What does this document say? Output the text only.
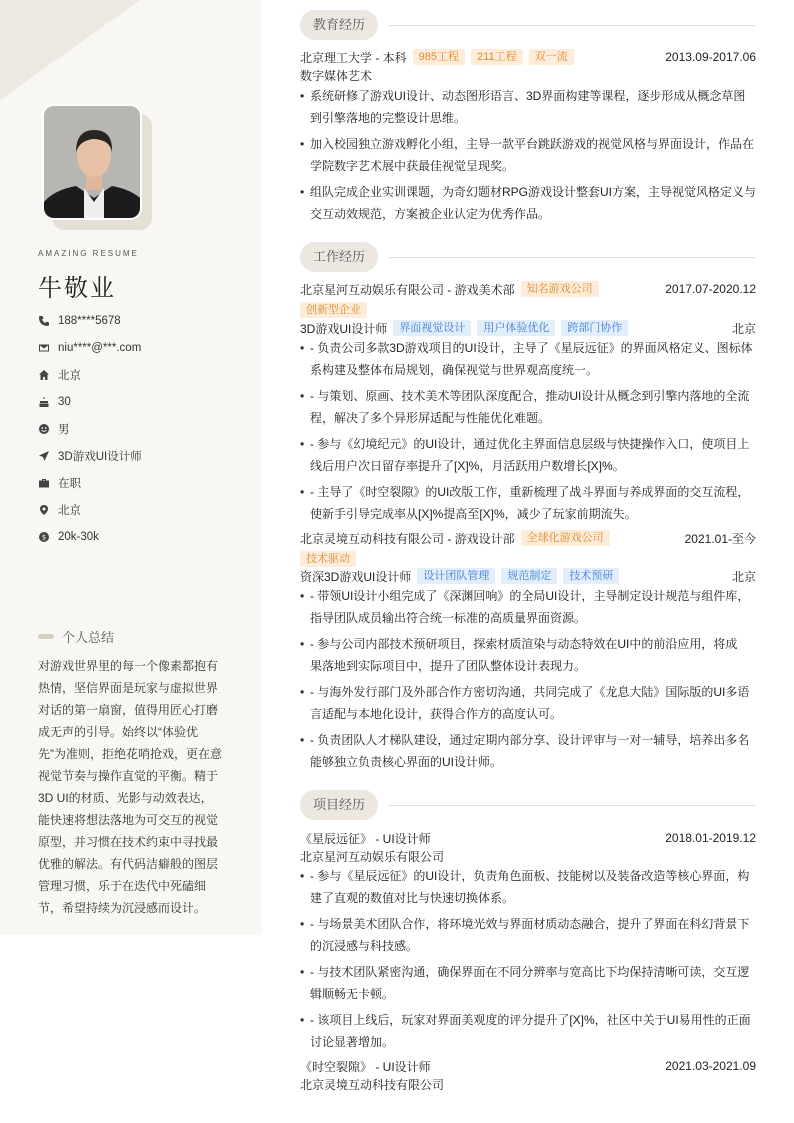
AMAZING RESUME
牛敬业
188****5678
niu****@***.com
北京
30
男
3D游戏UI设计师
在职
北京
$ 20k-30k
个人总结
对游戏世界里的每一个像素都抱有热情，坚信界面是玩家与虚拟世界对话的第一扇窗，值得用匠心打磨成无声的引导。始终以“体验优先”为准则，拒绝花哨抢戏，更在意视觉节奏与操作直觉的平衡。精于3D UI的材质、光影与动效表达，能快速将想法落地为可交互的视觉原型，并习惯在技术约束中寻找最优雅的解法。有代码洁癖般的图层管理习惯，乐于在迭代中死磕细节，希望持续为沉浸感而设计。
教育经历
北京理工大学 - 本科	985工程	211工程	双一流	2013.09-2017.06
数字媒体艺术
• 系统研修了游戏UI设计、动态图形语言、3D界面构建等课程，逐步形成从概念草图
到引擎落地的完整设计思维。
• 加入校园独立游戏孵化小组，主导一款平台跳跃游戏的视觉风格与界面设计，作品在
学院数字艺术展中获最佳视觉呈现奖。
• 组队完成企业实训课题，为奇幻题材RPG游戏设计整套UI方案，主导视觉风格定义与
交互动效规范，方案被企业认定为优秀作品。
工作经历
北京星河互动娱乐有限公司 - 游戏美术部	知名游戏公司	2017.07-2020.12
创新型企业
3D游戏UI设计师	界面视觉设计	用户体验优化	跨部门协作	北京
• - 负责公司多款3D游戏项目的UI设计，主导了《星辰远征》的界面风格定义、图标体
系构建及整体布局规划，确保视觉与世界观高度统一。
• - 与策划、原画、技术美术等团队深度配合，推动UI设计从概念到引擎内落地的全流
程，解决了多个异形屏适配与性能优化难题。
• - 参与《幻境纪元》的UI设计，通过优化主界面信息层级与快捷操作入口，使项目上
线后用户次日留存率提升了[X]%，月活跃用户数增长[X]%。
• - 主导了《时空裂隙》的UI改版工作，重新梳理了战斗界面与养成界面的交互流程，
使新手引导完成率从[X]%提高至[X]%，减少了玩家前期流失。
北京灵境互动科技有限公司 - 游戏设计部	全球化游戏公司	2021.01-至今
技术驱动
资深3D游戏UI设计师	设计团队管理	规范制定	技术预研	北京
• - 带领UI设计小组完成了《深渊回响》的全局UI设计，主导制定设计规范与组件库，
指导团队成员输出符合统一标准的高质量界面资源。
• - 参与公司内部技术预研项目，探索材质渲染与动态特效在UI中的前沿应用，将成
果落地到实际项目中，提升了团队整体设计表现力。
• - 与海外发行部门及外部合作方密切沟通，共同完成了《龙息大陆》国际版的UI多语
言适配与本地化设计，获得合作方的高度认可。
• - 负责团队人才梯队建设，通过定期内部分享、设计评审与一对一辅导，培养出多名
能够独立负责核心界面的UI设计师。
项目经历
《星辰远征》 - UI设计师	2018.01-2019.12
北京星河互动娱乐有限公司
• - 参与《星辰远征》的UI设计，负责角色面板、技能树以及装备改造等核心界面，构
建了直观的数值对比与快速切换体系。
• - 与场景美术团队合作，将环境光效与界面材质动态融合，提升了界面在科幻背景下
的沉浸感与科技感。
• - 与技术团队紧密沟通，确保界面在不同分辨率与宽高比下均保持清晰可读，交互逻
辑顺畅无卡顿。
• - 该项目上线后，玩家对界面美观度的评分提升了[X]%，社区中关于UI易用性的正面
讨论显著增加。
《时空裂隙》 - UI设计师	2021.03-2021.09
北京灵境互动科技有限公司
